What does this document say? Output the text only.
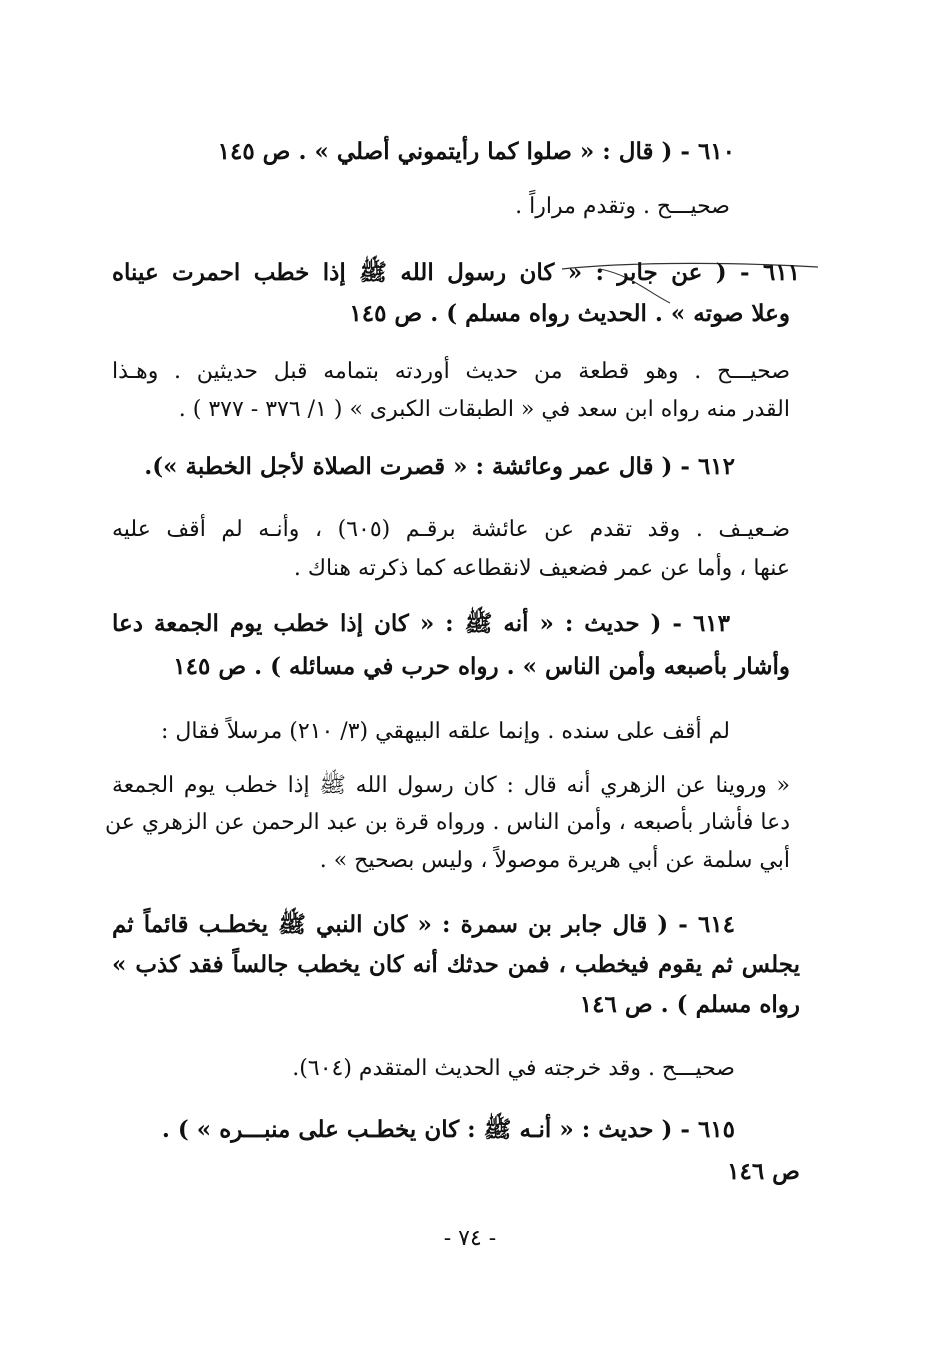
٦١٠ - ( قال : « صلوا كما رأيتموني أصلي » . ص ١٤٥
صحيـــح . وتقدم مراراً .
٦١١ - ( عن جابر : « كان رسول الله ﷺ إذا خطب احمرت عيناه
وعلا صوته » . الحديث رواه مسلم ) . ص ١٤٥
صحيـــح . وهو قطعة من حديث أوردته بتمامه قبل حديثين . وهـذا
القدر منه رواه ابن سعد في « الطبقات الكبرى » ( ١/ ٣٧٦ - ٣٧٧ ) .
٦١٢ - ( قال عمر وعائشة : « قصرت الصلاة لأجل الخطبة »).
ضـعيـف . وقد تقدم عن عائشة برقـم (٦٠٥) ، وأنـه لم أقف عليه
عنها ، وأما عن عمر فضعيف لانقطاعه كما ذكرته هناك .
٦١٣ - ( حديث : « أنه ﷺ : « كان إذا خطب يوم الجمعة دعا
وأشار بأصبعه وأمن الناس » . رواه حرب في مسائله ) . ص ١٤٥
لم أقف على سنده . وإنما علقه البيهقي (٣/ ٢١٠) مرسلاً فقال :
« وروينا عن الزهري أنه قال : كان رسول الله ﷺ إذا خطب يوم الجمعة
دعا فأشار بأصبعه ، وأمن الناس . ورواه قرة بن عبد الرحمن عن الزهري عن
أبي سلمة عن أبي هريرة موصولاً ، وليس بصحيح » .
٦١٤ - ( قال جابر بن سمرة : « كان النبي ﷺ يخطـب قائماً ثم
يجلس ثم يقوم فيخطب ، فمن حدثك أنه كان يخطب جالساً فقد كذب »
رواه مسلم ) . ص ١٤٦
صحيـــح . وقد خرجته في الحديث المتقدم (٦٠٤).
٦١٥ - ( حديث : « أنـه ﷺ : كان يخطـب على منبـــره » ) .
ص ١٤٦
- ٧٤ -
